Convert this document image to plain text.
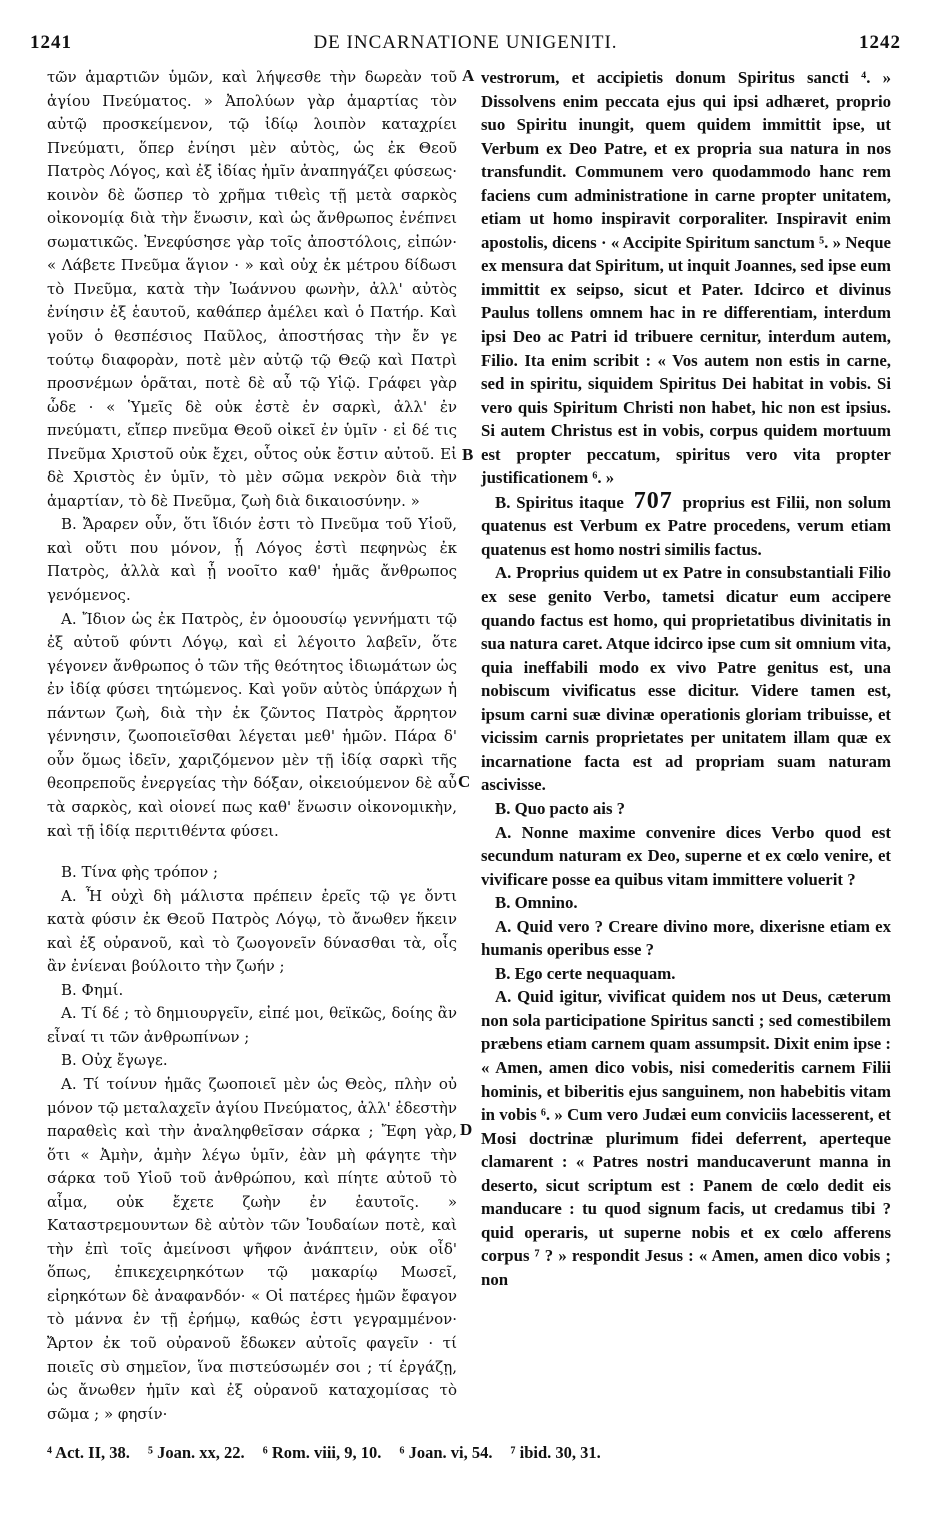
1241	DE INCARNATIONE UNIGENITI.	1242

τῶν ἁμαρτιῶν ὑμῶν, καὶ λήψεσθε τὴν δωρεὰν τοῦ ἁγίου Πνεύματος. » Ἀπολύων γὰρ ἁμαρτίας τὸν αὐτῷ προσκείμενον, τῷ ἰδίῳ λοιπὸν καταχρίει Πνεύματι, ὅπερ ἐνίησι μὲν αὐτὸς, ὡς ἐκ Θεοῦ Πατρὸς Λόγος, καὶ ἐξ ἰδίας ἡμῖν ἀναπηγάζει φύσεως· κοινὸν δὲ ὥσπερ τὸ χρῆμα τιθεὶς τῇ μετὰ σαρκὸς οἰκονομίᾳ διὰ τὴν ἕνωσιν, καὶ ὡς ἄνθρωπος ἐνέπνει σωματικῶς. Ἐνεφύσησε γὰρ τοῖς ἀποστόλοις, εἰπών· « Λάβετε Πνεῦμα ἅγιον · » καὶ οὐχ ἐκ μέτρου δίδωσι τὸ Πνεῦμα, κατὰ τὴν Ἰωάννου φωνὴν, ἀλλ' αὐτὸς ἐνίησιν ἐξ ἑαυτοῦ, καθάπερ ἀμέλει καὶ ὁ Πατήρ. Καὶ γοῦν ὁ θεσπέσιος Παῦλος, ἀποστήσας τὴν ἔν γε τούτῳ διαφορὰν, ποτὲ μὲν αὐτῷ τῷ Θεῷ καὶ Πατρὶ προσνέμων ὁρᾶται, ποτὲ δὲ αὖ τῷ Υἱῷ. Γράφει γὰρ ὧδε · « Ὑμεῖς δὲ οὐκ ἐστὲ ἐν σαρκὶ, ἀλλ' ἐν πνεύματι, εἴπερ πνεῦμα Θεοῦ οἰκεῖ ἐν ὑμῖν · εἰ δέ τις Πνεῦμα Χριστοῦ οὐκ ἔχει, οὗτος οὐκ ἔστιν αὐτοῦ. Εἰ δὲ Χριστὸς ἐν ὑμῖν, τὸ μὲν σῶμα νεκρὸν διὰ τὴν ἁμαρτίαν, τὸ δὲ Πνεῦμα, ζωὴ διὰ δικαιοσύνην. »

B. Ἄραρεν οὖν, ὅτι ἴδιόν ἐστι τὸ Πνεῦμα τοῦ Υἱοῦ, καὶ οὔτι που μόνον, ᾗ Λόγος ἐστὶ πεφηνὼς ἐκ Πατρὸς, ἀλλὰ καὶ ᾗ νοοῖτο καθ' ἡμᾶς ἄνθρωπος γενόμενος.

A. Ἴδιον ὡς ἐκ Πατρὸς, ἐν ὁμοουσίῳ γεννήματι τῷ ἐξ αὐτοῦ φύντι Λόγῳ, καὶ εἰ λέγοιτο λαβεῖν, ὅτε γέγονεν ἄνθρωπος ὁ τῶν τῆς θεότητος ἰδιωμάτων ὡς ἐν ἰδίᾳ φύσει τητώμενος. Καὶ γοῦν αὐτὸς ὑπάρχων ἡ πάντων ζωὴ, διὰ τὴν ἐκ ζῶντος Πατρὸς ἄρρητον γέννησιν, ζωοποιεῖσθαι λέγεται μεθ' ἡμῶν. Πάρα δ' οὖν ὅμως ἰδεῖν, χαριζόμενον μὲν τῇ ἰδίᾳ σαρκὶ τῆς θεοπρεποῦς ἐνεργείας τὴν δόξαν, οἰκειούμενον δὲ αὖ τὰ σαρκὸς, καὶ οἱονεί πως καθ' ἕνωσιν οἰκονομικὴν, καὶ τῇ ἰδίᾳ περιτιθέντα φύσει.

B. Τίνα φὴς τρόπον ;

A. Ἦ οὐχὶ δὴ μάλιστα πρέπειν ἐρεῖς τῷ γε ὄντι κατὰ φύσιν ἐκ Θεοῦ Πατρὸς Λόγῳ, τὸ ἄνωθεν ἥκειν καὶ ἐξ οὐρανοῦ, καὶ τὸ ζωογονεῖν δύνασθαι τὰ, οἷς ἂν ἐνίεναι βούλοιτο τὴν ζωήν ;

B. Φημί.

A. Τί δέ ; τὸ δημιουργεῖν, εἰπέ μοι, θεϊκῶς, δοίης ἂν εἶναί τι τῶν ἀνθρωπίνων ;

B. Οὐχ ἔγωγε.

A. Τί τοίνυν ἡμᾶς ζωοποιεῖ μὲν ὡς Θεὸς, πλὴν οὐ μόνον τῷ μεταλαχεῖν ἁγίου Πνεύματος, ἀλλ' ἐδεστὴν παραθεὶς καὶ τὴν ἀναληφθεῖσαν σάρκα ; Ἔφη γὰρ, ὅτι « Ἀμὴν, ἀμὴν λέγω ὑμῖν, ἐὰν μὴ φάγητε τὴν σάρκα τοῦ Υἱοῦ τοῦ ἀνθρώπου, καὶ πίητε αὐτοῦ τὸ αἷμα, οὐκ ἔχετε ζωὴν ἐν ἑαυτοῖς. » Καταστρεμουντων δὲ αὐτὸν τῶν Ἰουδαίων ποτὲ, καὶ τὴν ἐπὶ τοῖς ἀμείνοσι ψῆφον ἀνάπτειν, οὐκ οἶδ' ὅπως, ἐπικεχειρηκότων τῷ μακαρίῳ Μωσεῖ, εἰρηκότων δὲ ἀναφανδόν· « Οἱ πατέρες ἡμῶν ἔφαγον τὸ μάννα ἐν τῇ ἐρήμῳ, καθώς ἐστι γεγραμμένον· Ἄρτον ἐκ τοῦ οὐρανοῦ ἔδωκεν αὐτοῖς φαγεῖν · τί ποιεῖς σὺ σημεῖον, ἵνα πιστεύσωμέν σοι ; τί ἐργάζῃ, ὡς ἄνωθεν ἡμῖν καὶ ἐξ οὐρανοῦ καταχομίσας τὸ σῶμα ; » φησίν·

A
B
C
D

vestrorum, et accipietis donum Spiritus sancti ⁴. » Dissolvens enim peccata ejus qui ipsi adhæret, proprio suo Spiritu inungit, quem quidem immittit ipse, ut Verbum ex Deo Patre, et ex propria sua natura in nos transfundit. Communem vero quodammodo hanc rem faciens cum administratione in carne propter unitatem, etiam ut homo inspiravit corporaliter. Inspiravit enim apostolis, dicens · « Accipite Spiritum sanctum ⁵. » Neque ex mensura dat Spiritum, ut inquit Joannes, sed ipse eum immittit ex seipso, sicut et Pater. Idcirco et divinus Paulus tollens omnem hac in re differentiam, interdum ipsi Deo ac Patri id tribuere cernitur, interdum autem, Filio. Ita enim scribit : « Vos autem non estis in carne, sed in spiritu, siquidem Spiritus Dei habitat in vobis. Si vero quis Spiritum Christi non habet, hic non est ipsius. Si autem Christus est in vobis, corpus quidem mortuum est propter peccatum, spiritus vero vita propter justificationem ⁶. »

B. Spiritus itaque 707 proprius est Filii, non solum quatenus est Verbum ex Patre procedens, verum etiam quatenus est homo nostri similis factus.

A. Proprius quidem ut ex Patre in consubstantiali Filio ex sese genito Verbo, tametsi dicatur eum accipere quando factus est homo, qui proprietatibus divinitatis in sua natura caret. Atque idcirco ipse cum sit omnium vita, quia ineffabili modo ex vivo Patre genitus est, una nobiscum vivificatus esse dicitur. Videre tamen est, ipsum carni suæ divinæ operationis gloriam tribuisse, et vicissim carnis proprietates per unitatem illam quæ ex incarnatione facta est ad propriam suam naturam ascivisse.

B. Quo pacto ais ?

A. Nonne maxime convenire dices Verbo quod est secundum naturam ex Deo, superne et ex cœlo venire, et vivificare posse ea quibus vitam immittere voluerit ?

B. Omnino.

A. Quid vero ? Creare divino more, dixerisne etiam ex humanis operibus esse ?

B. Ego certe nequaquam.

A. Quid igitur, vivificat quidem nos ut Deus, cæterum non sola participatione Spiritus sancti ; sed comestibilem præbens etiam carnem quam assumpsit. Dixit enim ipse : « Amen, amen dico vobis, nisi comederitis carnem Filii hominis, et biberitis ejus sanguinem, non habebitis vitam in vobis ⁶. » Cum vero Judæi eum conviciis lacesserent, et Mosi doctrinæ plurimum fidei deferrent, aperteque clamarent : « Patres nostri manducaverunt manna in deserto, sicut scriptum est : Panem de cœlo dedit eis manducare : tu quod signum facis, ut credamus tibi ? quid operaris, ut superne nobis et ex cœlo afferens corpus ⁷ ? » respondit Jesus : « Amen, amen dico vobis ; non

⁴ Act. II, 38. ⁵ Joan. xx, 22. ⁶ Rom. viii, 9, 10. ⁶ Joan. vi, 54. ⁷ ibid. 30, 31.
